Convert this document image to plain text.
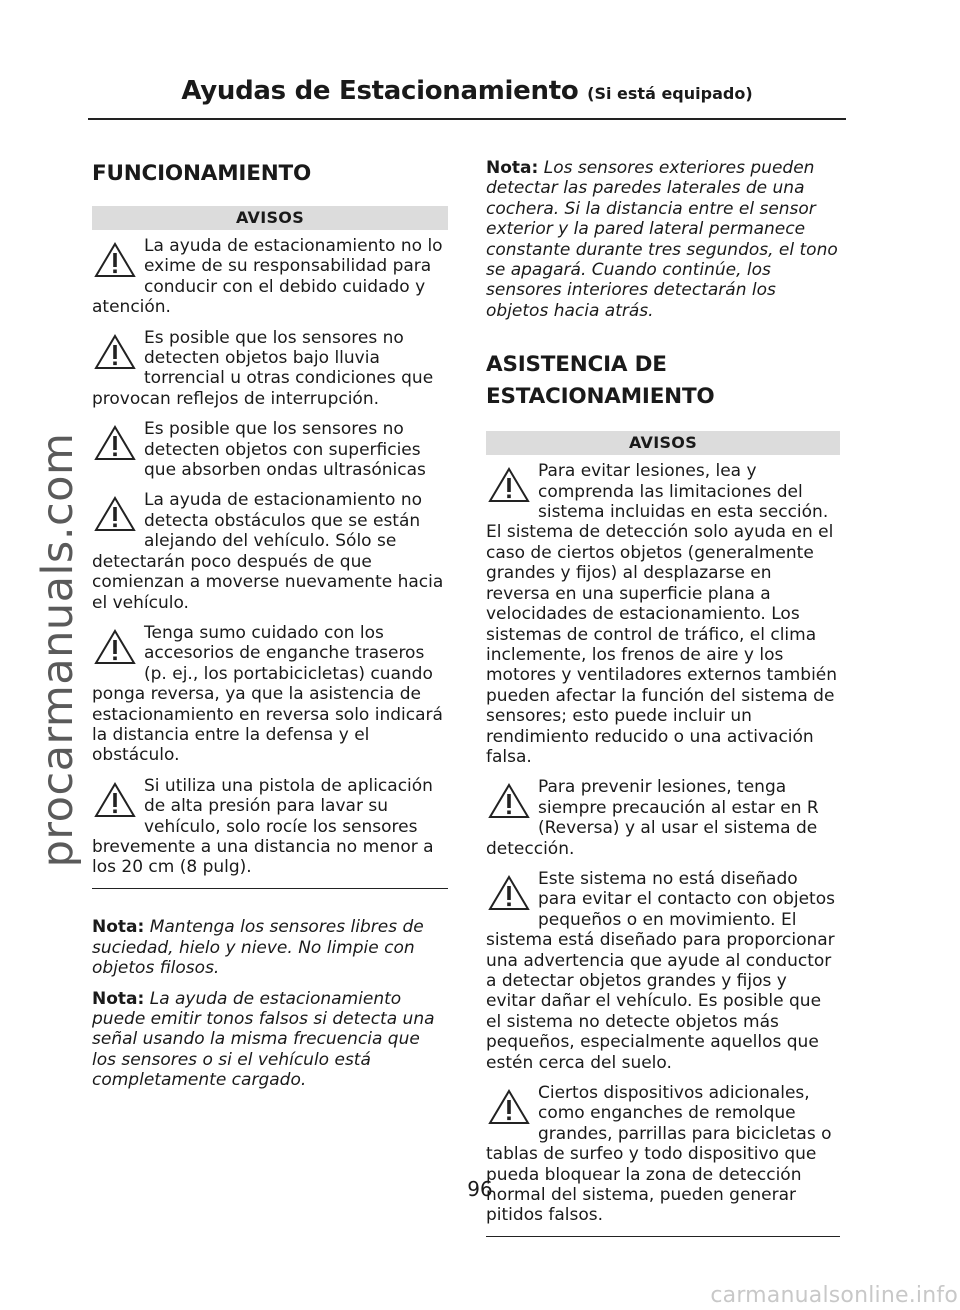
Ayudas de Estacionamiento (Si está equipado)
procarmanuals.com
FUNCIONAMIENTO
AVISOS
La ayuda de estacionamiento no lo exime de su responsabilidad para conducir con el debido cuidado y atención.
Es posible que los sensores no detecten objetos bajo lluvia torrencial u otras condiciones que provocan reflejos de interrupción.
Es posible que los sensores no detecten objetos con superficies que absorben ondas ultrasónicas
La ayuda de estacionamiento no detecta obstáculos que se están alejando del vehículo. Sólo se detectarán poco después de que comienzan a moverse nuevamente hacia el vehículo.
Tenga sumo cuidado con los accesorios de enganche traseros (p. ej., los portabicicletas) cuando ponga reversa, ya que la asistencia de estacionamiento en reversa solo indicará la distancia entre la defensa y el obstáculo.
Si utiliza una pistola de aplicación de alta presión para lavar su vehículo, solo rocíe los sensores brevemente a una distancia no menor a los 20 cm (8 pulg).

Nota: Mantenga los sensores libres de suciedad, hielo y nieve. No limpie con objetos filosos.

Nota: La ayuda de estacionamiento puede emitir tonos falsos si detecta una señal usando la misma frecuencia que los sensores o si el vehículo está completamente cargado.

Nota: Los sensores exteriores pueden detectar las paredes laterales de una cochera. Si la distancia entre el sensor exterior y la pared lateral permanece constante durante tres segundos, el tono se apagará. Cuando continúe, los sensores interiores detectarán los objetos hacia atrás.

ASISTENCIA DE ESTACIONAMIENTO
AVISOS
Para evitar lesiones, lea y comprenda las limitaciones del sistema incluidas en esta sección. El sistema de detección solo ayuda en el caso de ciertos objetos (generalmente grandes y fijos) al desplazarse en reversa en una superficie plana a velocidades de estacionamiento. Los sistemas de control de tráfico, el clima inclemente, los frenos de aire y los motores y ventiladores externos también pueden afectar la función del sistema de sensores; esto puede incluir un rendimiento reducido o una activación falsa.
Para prevenir lesiones, tenga siempre precaución al estar en R (Reversa) y al usar el sistema de detección.
Este sistema no está diseñado para evitar el contacto con objetos pequeños o en movimiento. El sistema está diseñado para proporcionar una advertencia que ayude al conductor a detectar objetos grandes y fijos y evitar dañar el vehículo. Es posible que el sistema no detecte objetos más pequeños, especialmente aquellos que estén cerca del suelo.
Ciertos dispositivos adicionales, como enganches de remolque grandes, parrillas para bicicletas o tablas de surfeo y todo dispositivo que pueda bloquear la zona de detección normal del sistema, pueden generar pitidos falsos.
96
carmanualsonline.info
